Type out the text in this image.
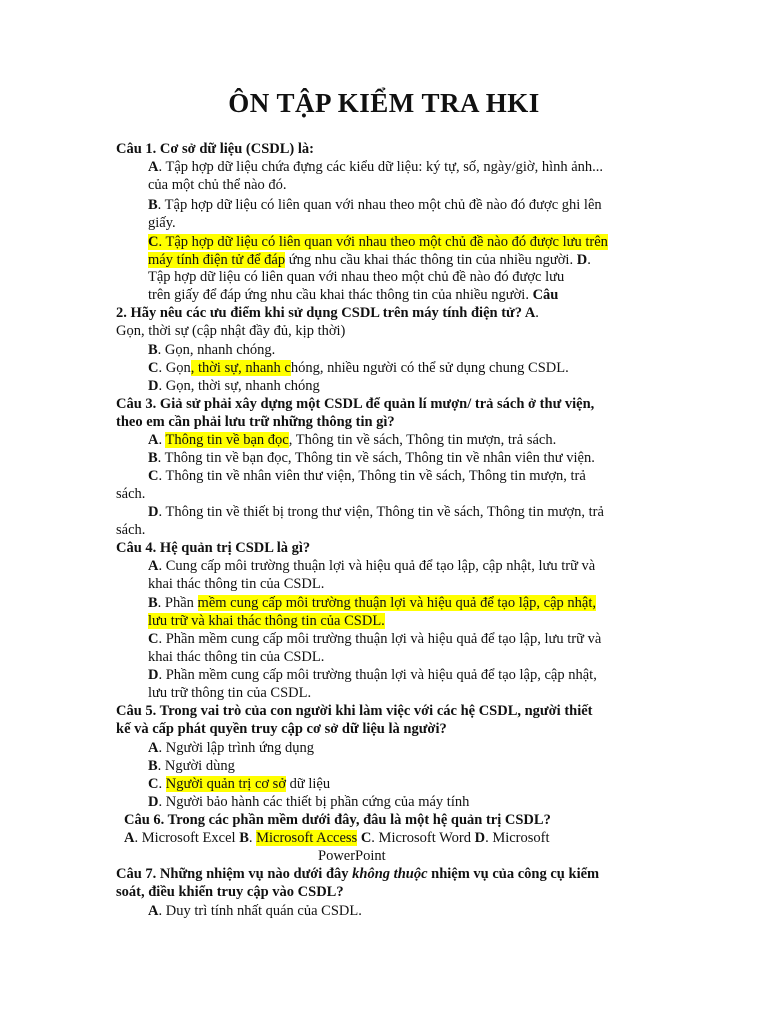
ÔN TẬP KIỂM TRA HKI
Câu 1. Cơ sở dữ liệu (CSDL) là:
A. Tập hợp dữ liệu chứa đựng các kiểu dữ liệu: ký tự, số, ngày/giờ, hình ảnh...
của một chủ thể nào đó.
B. Tập hợp dữ liệu có liên quan với nhau theo một chủ đề nào đó được ghi lên
giấy.
C. Tập hợp dữ liệu có liên quan với nhau theo một chủ đề nào đó được lưu trên
máy tính điện tử để đáp ứng nhu cầu khai thác thông tin của nhiều người. D.
Tập hợp dữ liệu có liên quan với nhau theo một chủ đề nào đó được lưu
trên giấy để đáp ứng nhu cầu khai thác thông tin của nhiều người. Câu
2. Hãy nêu các ưu điểm khi sử dụng CSDL trên máy tính điện tử? A.
Gọn, thời sự (cập nhật đầy đủ, kịp thời)
B. Gọn, nhanh chóng.
C. Gọn, thời sự, nhanh chóng, nhiều người có thể sử dụng chung CSDL.
D. Gọn, thời sự, nhanh chóng
Câu 3. Giả sử phải xây dựng một CSDL để quản lí mượn/ trả sách ở thư viện,
theo em cần phải lưu trữ những thông tin gì?
A. Thông tin về bạn đọc, Thông tin về sách, Thông tin mượn, trả sách.
B. Thông tin về bạn đọc, Thông tin về sách, Thông tin về nhân viên thư viện.
C. Thông tin về nhân viên thư viện, Thông tin về sách, Thông tin mượn, trả
sách.
D. Thông tin về thiết bị trong thư viện, Thông tin về sách, Thông tin mượn, trả
sách.
Câu 4. Hệ quản trị CSDL là gì?
A. Cung cấp môi trường thuận lợi và hiệu quả để tạo lập, cập nhật, lưu trữ và
khai thác thông tin của CSDL.
B. Phần mềm cung cấp môi trường thuận lợi và hiệu quả để tạo lập, cập nhật,
lưu trữ và khai thác thông tin của CSDL.
C. Phần mềm cung cấp môi trường thuận lợi và hiệu quả để tạo lập, lưu trữ và
khai thác thông tin của CSDL.
D. Phần mềm cung cấp môi trường thuận lợi và hiệu quả để tạo lập, cập nhật,
lưu trữ thông tin của CSDL.
Câu 5. Trong vai trò của con người khi làm việc với các hệ CSDL, người thiết
kế và cấp phát quyền truy cập cơ sở dữ liệu là người?
A. Người lập trình ứng dụng
B. Người dùng
C. Người quản trị cơ sở dữ liệu
D. Người bảo hành các thiết bị phần cứng của máy tính
Câu 6. Trong các phần mềm dưới đây, đâu là một hệ quản trị CSDL?
A. Microsoft Excel B. Microsoft Access C. Microsoft Word D. Microsoft
PowerPoint
Câu 7. Những nhiệm vụ nào dưới đây không thuộc nhiệm vụ của công cụ kiểm
soát, điều khiển truy cập vào CSDL?
A. Duy trì tính nhất quán của CSDL.
